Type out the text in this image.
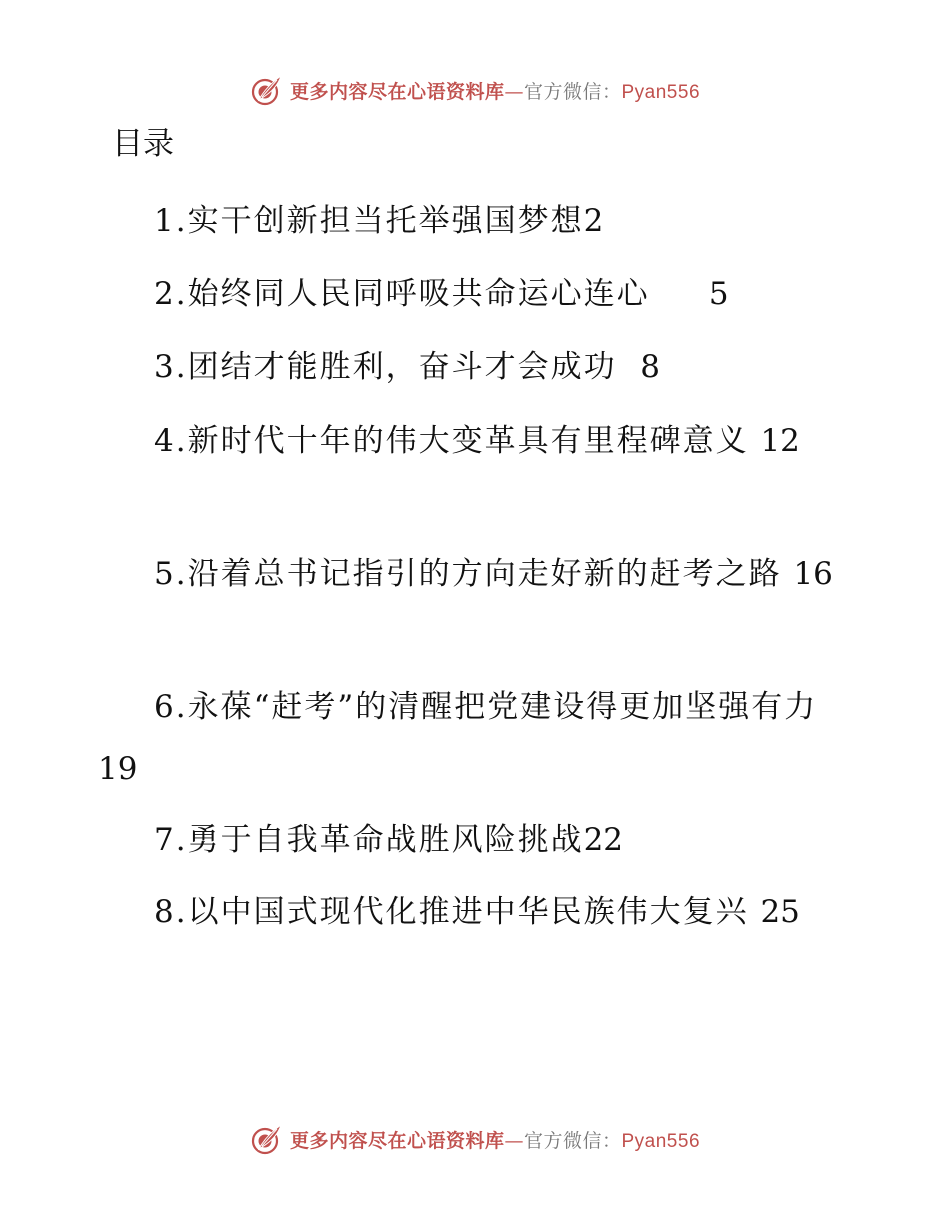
更多内容尽在心语资料库—官方微信：Pyan556
目录

1.实干创新担当托举强国梦想2

2.始终同人民同呼吸共命运心连心 5

3.团结才能胜利，奋斗才会成功 8

4.新时代十年的伟大变革具有里程碑意义 12

5.沿着总书记指引的方向走好新的赶考之路 16

6.永葆“赶考”的清醒把党建设得更加坚强有力 19

7.勇于自我革命战胜风险挑战22

8.以中国式现代化推进中华民族伟大复兴 25

更多内容尽在心语资料库—官方微信：Pyan556
